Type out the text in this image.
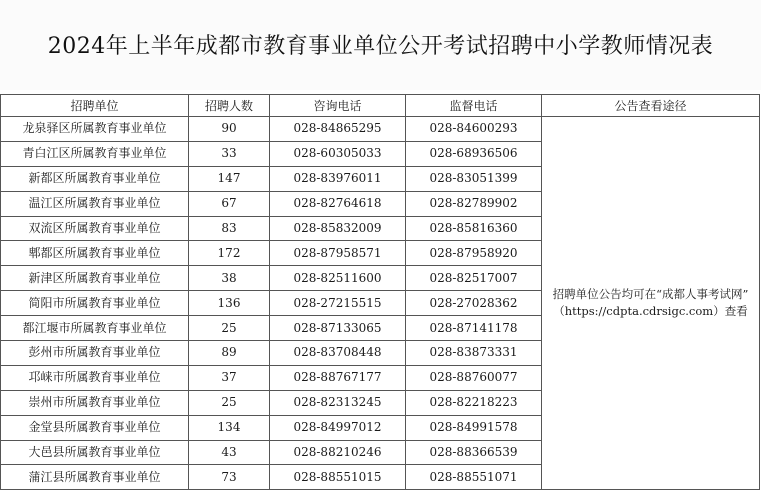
2024年上半年成都市教育事业单位公开考试招聘中小学教师情况表
招聘单位	招聘人数	咨询电话	监督电话	公告查看途径
龙泉驿区所属教育事业单位	90	028-84865295	028-84600293	招聘单位公告均可在“成都人事考试网”
（https://cdpta.cdrsigc.com）查看

青白江区所属教育事业单位	33	028-60305033	028-68936506	
新都区所属教育事业单位	147	028-83976011	028-83051399	
温江区所属教育事业单位	67	028-82764618	028-82789902	
双流区所属教育事业单位	83	028-85832009	028-85816360	
郫都区所属教育事业单位	172	028-87958571	028-87958920	
新津区所属教育事业单位	38	028-82511600	028-82517007	
简阳市所属教育事业单位	136	028-27215515	028-27028362	
都江堰市所属教育事业单位	25	028-87133065	028-87141178	
彭州市所属教育事业单位	89	028-83708448	028-83873331	
邛崃市所属教育事业单位	37	028-88767177	028-88760077	
崇州市所属教育事业单位	25	028-82313245	028-82218223	
金堂县所属教育事业单位	134	028-84997012	028-84991578	
大邑县所属教育事业单位	43	028-88210246	028-88366539	
蒲江县所属教育事业单位	73	028-88551015	028-88551071	
